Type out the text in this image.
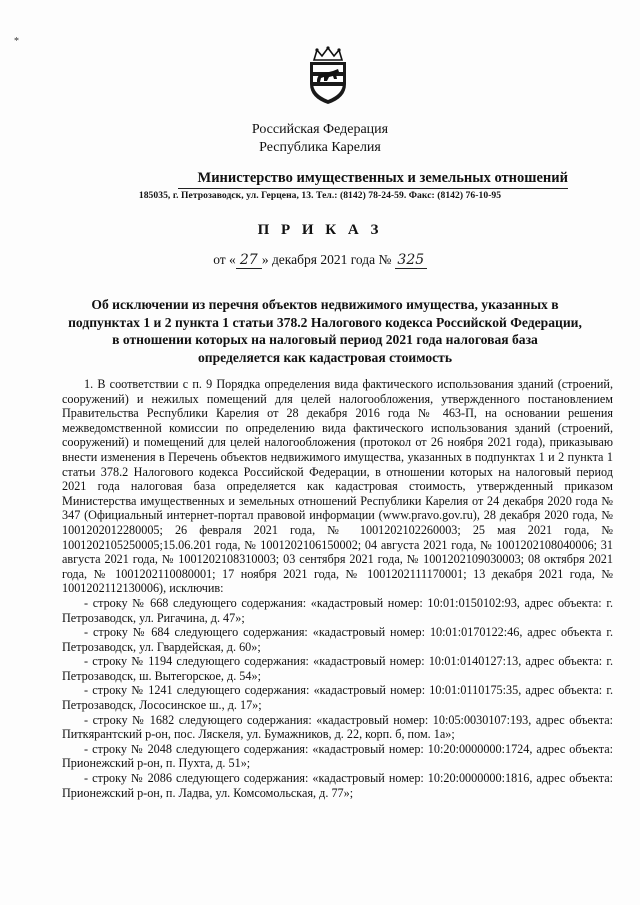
*
Российская Федерация
Республика Карелия
Министерство имущественных и земельных отношений
185035, г. Петрозаводск, ул. Герцена, 13. Тел.: (8142) 78-24-59. Факс: (8142) 76-10-95
П Р И К А З
от « 27 » декабря 2021 года № 325
Об исключении из перечня объектов недвижимого имущества, указанных в
подпунктах 1 и 2 пункта 1 статьи 378.2 Налогового кодекса Российской Федерации,
в отношении которых на налоговый период 2021 года налоговая база
определяется как кадастровая стоимость

1. В соответствии с п. 9 Порядка определения вида фактического использования зданий (строений, сооружений) и нежилых помещений для целей налогообложения, утвержденного постановлением Правительства Республики Карелия от 28 декабря 2016 года № 463-П, на основании решения межведомственной комиссии по определению вида фактического использования зданий (строений, сооружений) и помещений для целей налогообложения (протокол от 26 ноября 2021 года), приказываю внести изменения в Перечень объектов недвижимого имущества, указанных в подпунктах 1 и 2 пункта 1 статьи 378.2 Налогового кодекса Российской Федерации, в отношении которых на налоговый период 2021 года налоговая база определяется как кадастровая стоимость, утвержденный приказом Министерства имущественных и земельных отношений Республики Карелия от 24 декабря 2020 года № 347 (Официальный интернет-портал правовой информации (www.pravo.gov.ru), 28 декабря 2020 года, № 1001202012280005; 26 февраля 2021 года, № 1001202102260003; 25 мая 2021 года, № 1001202105250005;15.06.201 года, № 1001202106150002; 04 августа 2021 года, № 1001202108040006; 31 августа 2021 года, № 1001202108310003; 03 сентября 2021 года, № 1001202109030003; 08 октября 2021 года, № 1001202110080001; 17 ноября 2021 года, № 1001202111170001; 13 декабря 2021 года, № 1001202112130006), исключив:

- строку № 668 следующего содержания: «кадастровый номер: 10:01:0150102:93, адрес объекта: г. Петрозаводск, ул. Ригачина, д. 47»;

- строку № 684 следующего содержания: «кадастровый номер: 10:01:0170122:46, адрес объекта г. Петрозаводск, ул. Гвардейская, д. 60»;

- строку № 1194 следующего содержания: «кадастровый номер: 10:01:0140127:13, адрес объекта: г. Петрозаводск, ш. Вытегорское, д. 54»;

- строку № 1241 следующего содержания: «кадастровый номер: 10:01:0110175:35, адрес объекта: г. Петрозаводск, Лососинское ш., д. 17»;

- строку № 1682 следующего содержания: «кадастровый номер: 10:05:0030107:193, адрес объекта: Питкярантский р-он, пос. Ляскеля, ул. Бумажников, д. 22, корп. б, пом. 1а»;

- строку № 2048 следующего содержания: «кадастровый номер: 10:20:0000000:1724, адрес объекта: Прионежский р-он, п. Пухта, д. 51»;

- строку № 2086 следующего содержания: «кадастровый номер: 10:20:0000000:1816, адрес объекта: Прионежский р-он, п. Ладва, ул. Комсомольская, д. 77»;
